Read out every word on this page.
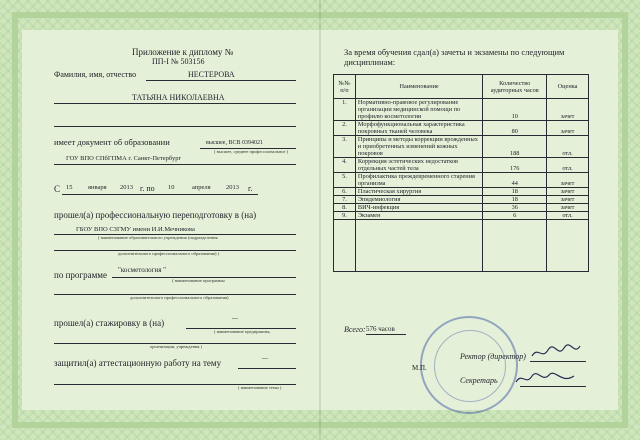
Приложение к диплому №
ПП-I № 503156
Фамилия, имя, отчество	НЕСТЕРОВА
ТАТЬЯНА НИКОЛАЕВНА
имеет документ об образовании	высшее, ВСВ 0394021
( высшее, среднее профессиональное )
ГОУ ВПО СПбГПМА г. Санкт-Петербург
С 15 января 2013 г. по 10	апреля 2013 г.
прошел(а) профессиональную переподготовку в (на)
ГБОУ ВПО СЗГМУ имени И.И.Мечникова
( наименование образовательного учреждения (подразделения
дополнительного профессионального образования) )
по программе "косметология "
( наименование программы
дополнительного профессионального образования)
прошел(а) стажировку в (на)	---
( наименование предприятия,
организации, учреждения )
защитил(а) аттестационную работу на тему	---
( наименование темы )
За время обучения сдал(а) зачеты и экзамены по следующим
дисциплинам:
№№ п/п	Наименование	Количество аудиторных часов	Оценка
1.	Нормативно-правовое регулирование организации медицинской помощи по профилю косметологии	10	зачет
2.	Морфофункциональная характеристика покровных тканей человека	80	зачет
3.	Принципы и методы коррекции врожденных и приобретенных изменений кожных покровов	188	отл.
4.	Коррекция эстетических недостатков отдельных частей тела	176	отл.
5.	Профилактика преждевременного старения организма	44	зачет
6.	Пластическая хирургия	18	зачет
7.	Эпидемиология	18	зачет
8.	ВИЧ-инфекция	36	зачет
9.	Экзамен	6	отл.

Всего: 576 часов
Ректор (директор)
М.П.
Секретарь
